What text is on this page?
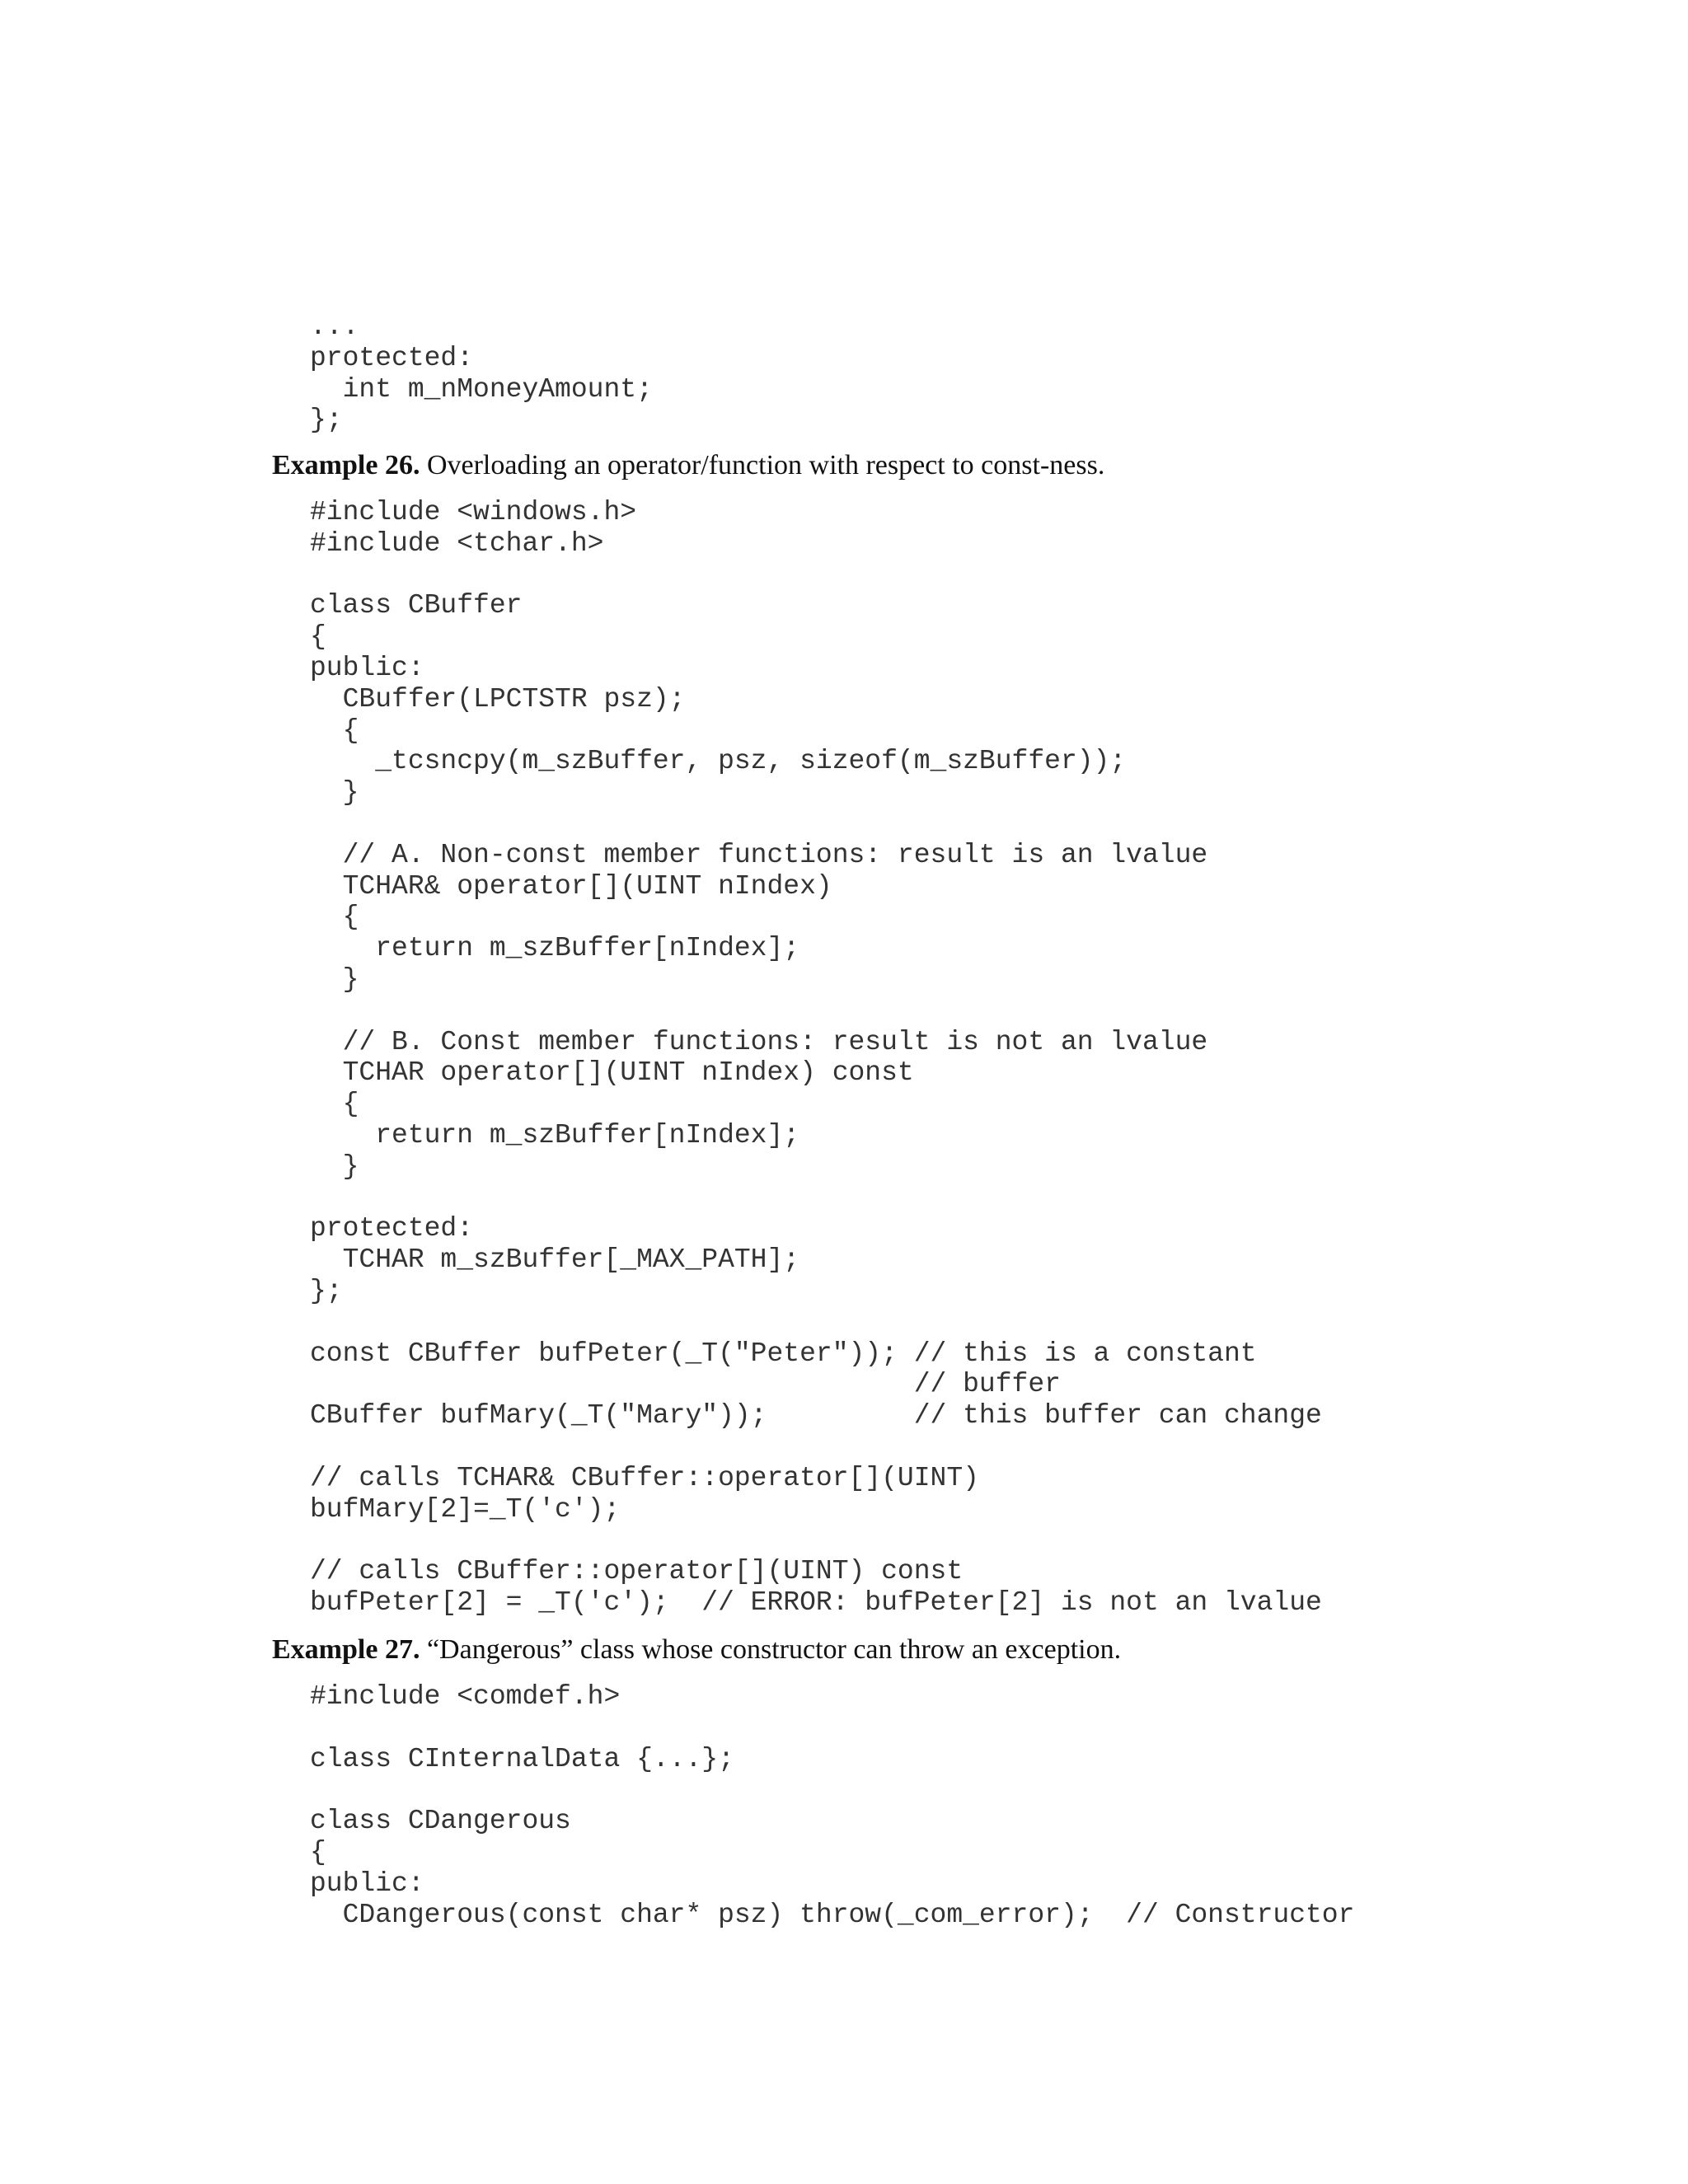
...
protected:
int m_nMoneyAmount;
};

Example 26. Overloading an operator/function with respect to const-ness.

#include <windows.h>
#include <tchar.h>

class CBuffer
{
public:
CBuffer(LPCTSTR psz);
{
_tcsncpy(m_szBuffer, psz, sizeof(m_szBuffer));
}

// A. Non-const member functions: result is an lvalue
TCHAR& operator[](UINT nIndex)
{
return m_szBuffer[nIndex];
}

// B. Const member functions: result is not an lvalue
TCHAR operator[](UINT nIndex) const
{
return m_szBuffer[nIndex];
}

protected:
TCHAR m_szBuffer[_MAX_PATH];
};

const CBuffer bufPeter(_T("Peter")); // this is a constant
// buffer
CBuffer bufMary(_T("Mary"));         // this buffer can change

// calls TCHAR& CBuffer::operator[](UINT)
bufMary[2]=_T('c');

// calls CBuffer::operator[](UINT) const
bufPeter[2] = _T('c');  // ERROR: bufPeter[2] is not an lvalue

Example 27. “Dangerous” class whose constructor can throw an exception.

#include <comdef.h>

class CInternalData {...};

class CDangerous
{
public:
CDangerous(const char* psz) throw(_com_error);  // Constructor
